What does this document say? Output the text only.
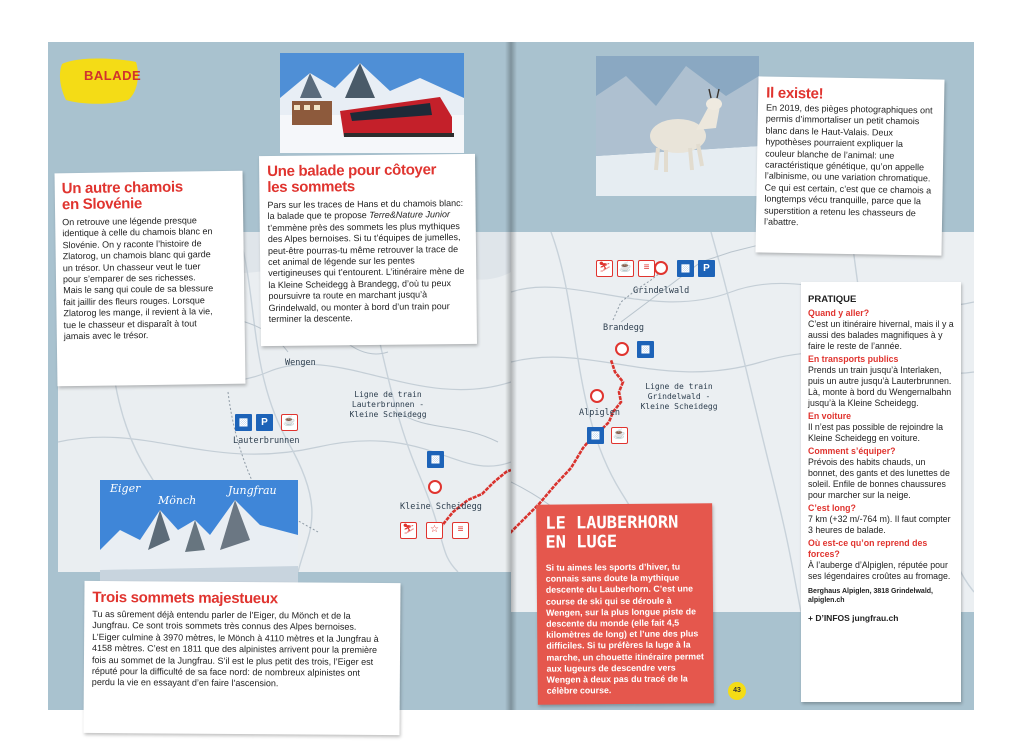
BALADE
Un autre chamois
en Slovénie
On retrouve une légende presque identique à celle du chamois blanc en Slovénie. On y raconte l’histoire de Zlatorog, un chamois blanc qui garde un trésor. Un chasseur veut le tuer pour s’emparer de ses richesses. Mais le sang qui coule de sa blessure fait jaillir des fleurs rouges. Lorsque Zlatorog les mange, il revient à la vie, tue le chasseur et disparaît à tout jamais avec le trésor.
Une balade pour côtoyer
les sommets
Pars sur les traces de Hans et du chamois blanc: la balade que te propose Terre&Nature Junior t’emmène près des sommets les plus mythiques des Alpes bernoises. Si tu t’équipes de jumelles, peut-être pourras-tu même retrouver la trace de cet animal de légende sur les pentes vertigineuses qui t’entourent. L’itinéraire mène de la Kleine Scheidegg à Brandegg, d’où tu peux poursuivre ta route en marchant jusqu’à Grindelwald, ou monter à bord d’un train pour terminer la descente.
Wengen
Ligne de train
Lauterbrunnen -
Kleine Scheidegg
▩	P	☕
Lauterbrunnen
▩
Kleine Scheidegg
⛷	☆	≡
Eiger
Mönch
Jungfrau
Trois sommets majestueux
Tu as sûrement déjà entendu parler de l’Eiger, du Mönch et de la Jungfrau. Ce sont trois sommets très connus des Alpes bernoises. L’Eiger culmine à 3970 mètres, le Mönch à 4110 mètres et la Jungfrau à 4158 mètres. C’est en 1811 que des alpinistes arrivent pour la première fois au sommet de la Jungfrau. S’il est le plus petit des trois, l’Eiger est réputé pour la difficulté de sa face nord: de nombreux alpinistes ont perdu la vie en essayant d’en faire l’ascension.
Il existe!
En 2019, des pièges photographiques ont permis d’immortaliser un petit chamois blanc dans le Haut-Valais. Deux hypothèses pourraient expliquer la couleur blanche de l’animal: une caractéristique génétique, qu’on appelle l’albinisme, ou une variation chromatique. Ce qui est certain, c’est que ce chamois a longtemps vécu tranquille, parce que la superstition a retenu les chasseurs de l’abattre.
⛷ ☕	≡	▩	P
Grindelwald
Brandegg
▩
Ligne de train
Grindelwald -
Kleine Scheidegg
Alpiglen
▩	☕
LE LAUBERHORN
EN LUGE
Si tu aimes les sports d’hiver, tu connais sans doute la mythique descente du Lauberhorn. C’est une course de ski qui se déroule à Wengen, sur la plus longue piste de descente du monde (elle fait 4,5 kilomètres de long) et l’une des plus difficiles. Si tu préfères la luge à la marche, un chouette itinéraire permet aux lugeurs de descendre vers Wengen à deux pas du tracé de la célèbre course.	43
PRATIQUE
Quand y aller?
C’est un itinéraire hivernal, mais il y a aussi des balades magnifiques à y faire le reste de l’année.
En transports publics
Prends un train jusqu’à Interlaken, puis un autre jusqu’à Lauterbrunnen. Là, monte à bord du Wengernalbahn jusqu’à la Kleine Scheidegg.
En voiture
Il n’est pas possible de rejoindre la Kleine Scheidegg en voiture.
Comment s’équiper?
Prévois des habits chauds, un bonnet, des gants et des lunettes de soleil. Enfile de bonnes chaussures pour marcher sur la neige.
C’est long?
7 km (+32 m/-764 m). Il faut compter 3 heures de balade.
Où est-ce qu’on reprend des forces?
À l’auberge d’Alpiglen, réputée pour ses légendaires croûtes au fromage.
Berghaus Alpiglen, 3818 Grindelwald, alpiglen.ch
+ D’INFOS jungfrau.ch
